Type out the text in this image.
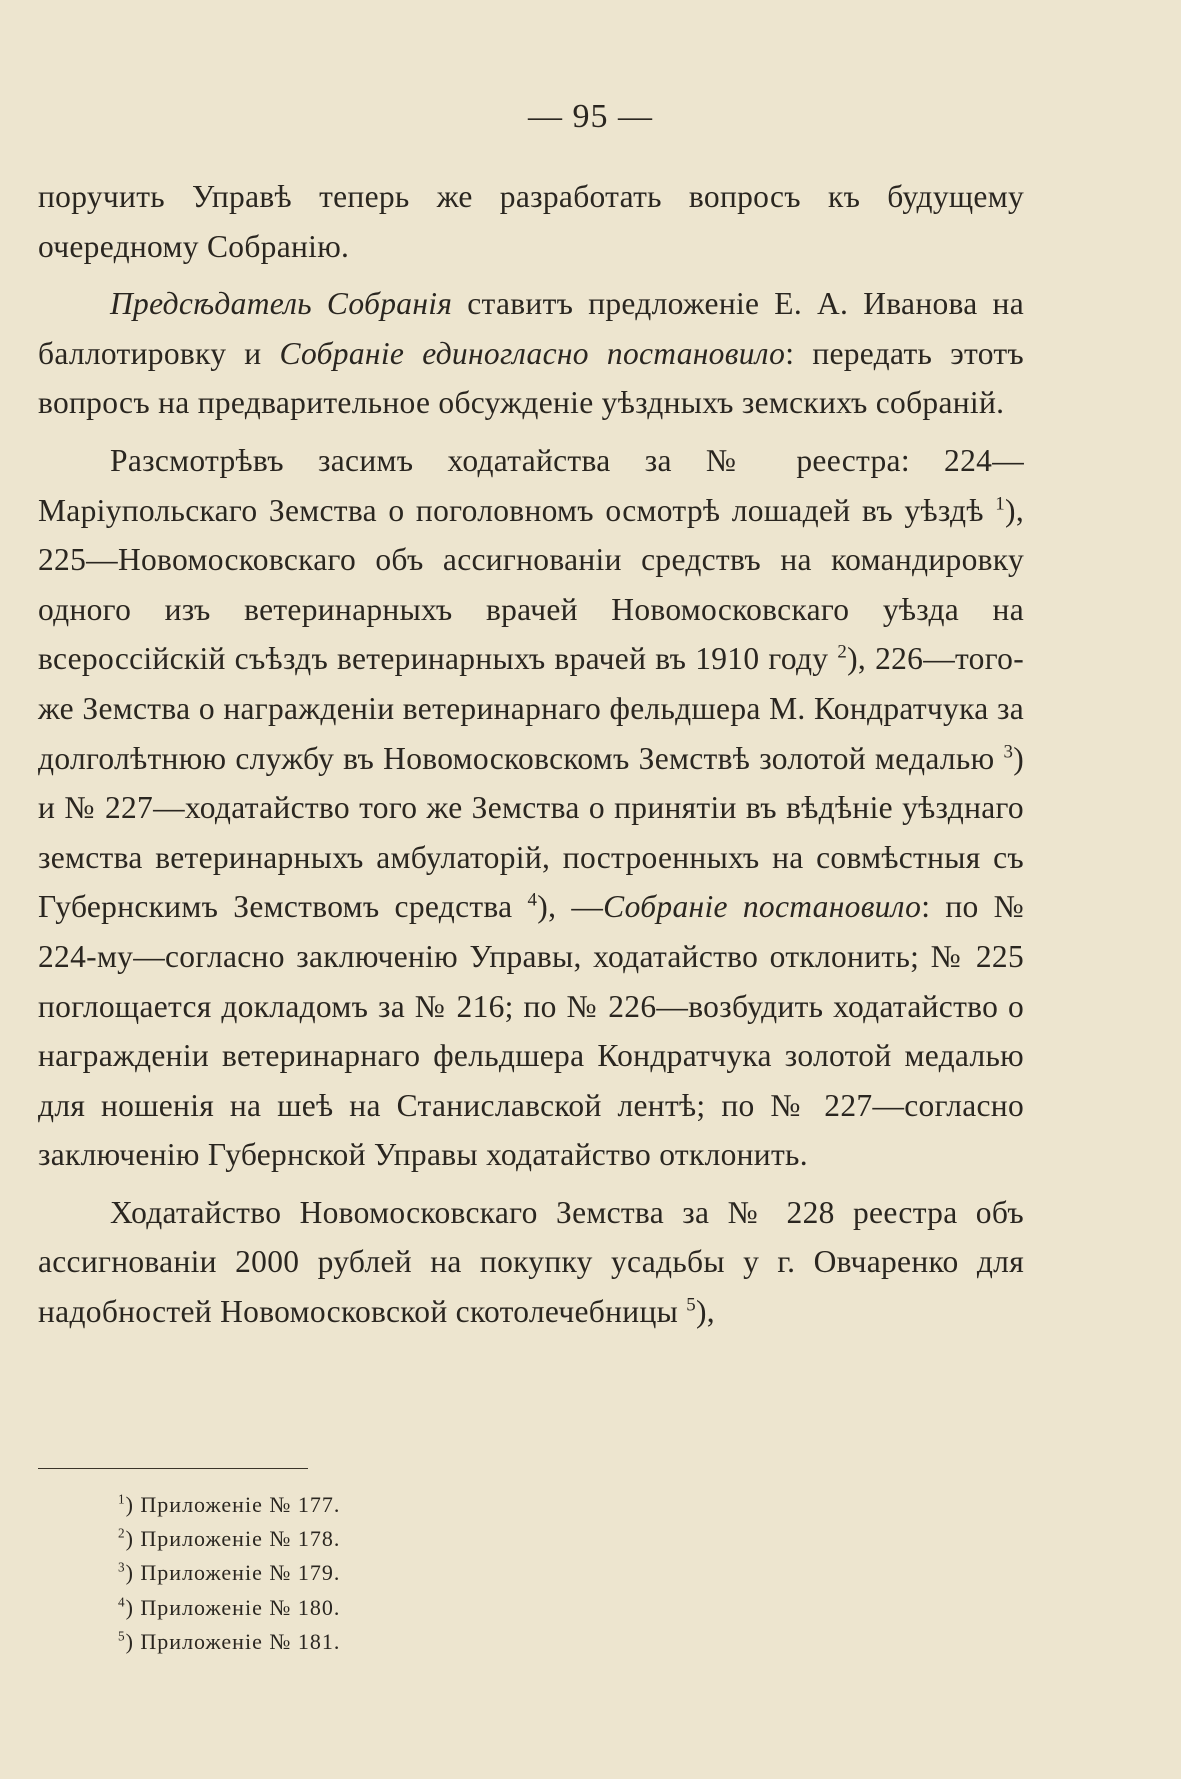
— 95 —

поручить Управѣ теперь же разработать вопросъ къ будущему очередному Собранію.

Предсѣдатель Собранія ставитъ предложеніе Е. А. Иванова на баллотировку и Собраніе единогласно постановило: передать этотъ вопросъ на предварительное обсужденіе уѣздныхъ земскихъ собраній.

Разсмотрѣвъ засимъ ходатайства за № реестра: 224—Маріупольскаго Земства о поголовномъ осмотрѣ лошадей въ уѣздѣ $^1$), 225—Новомосковскаго объ ассигнованіи средствъ на командировку одного изъ ветеринарныхъ врачей Новомосковскаго уѣзда на всероссійскій съѣздъ ветеринарныхъ врачей въ 1910 году $^2$), 226—того-же Земства о награжденіи ветеринарнаго фельдшера М. Кондратчука за долголѣтнюю службу въ Новомосковскомъ Земствѣ золотой медалью $^3$) и № 227—ходатайство того же Земства о принятіи въ вѣдѣніе уѣзднаго земства ветеринарныхъ амбулаторій, построенныхъ на совмѣстныя съ Губернскимъ Земствомъ средства $^4$), —Собраніе постановило: по № 224-му—согласно заключенію Управы, ходатайство отклонить; № 225 поглощается докладомъ за № 216; по № 226—возбудить ходатайство о награжденіи ветеринарнаго фельдшера Кондратчука золотой медалью для ношенія на шеѣ на Станиславской лентѣ; по № 227—согласно заключенію Губернской Управы ходатайство отклонить.

Ходатайство Новомосковскаго Земства за № 228 реестра объ ассигнованіи 2000 рублей на покупку усадьбы у г. Овчаренко для надобностей Новомосковской скотолечебницы $^5$),

$^1$) Приложеніе № 177.
$^2$) Приложеніе № 178.
$^3$) Приложеніе № 179.
$^4$) Приложеніе № 180.
$^5$) Приложеніе № 181.
